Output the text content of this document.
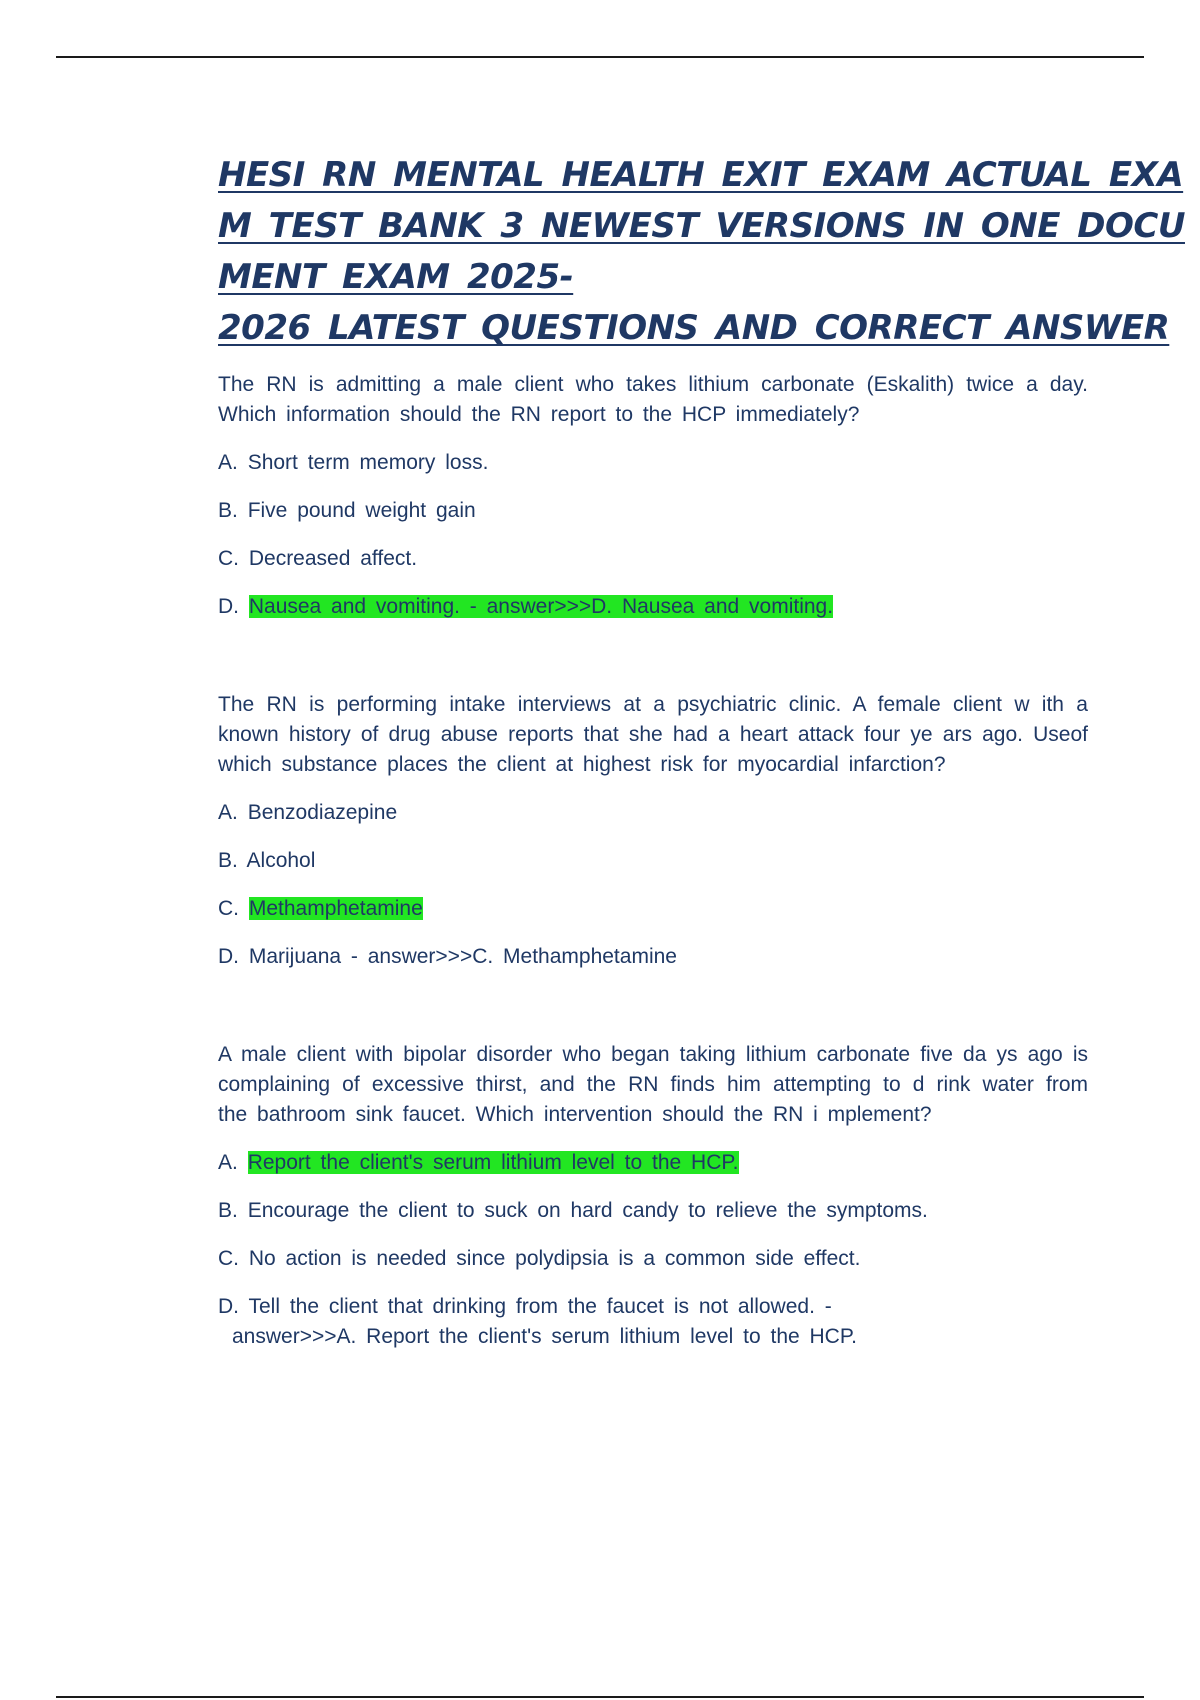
HESI RN MENTAL HEALTH EXIT EXAM ACTUAL EXA
M TEST BANK 3 NEWEST VERSIONS IN ONE DOCU
MENT EXAM 2025-
2026 LATEST QUESTIONS AND CORRECT ANSWER

The RN is admitting a male client who takes lithium carbonate (Eskalith) twice a day. Which information should the RN report to the HCP immediately?

A. Short term memory loss.

B. Five pound weight gain

C. Decreased affect.

D. Nausea and vomiting. - answer>>>D. Nausea and vomiting.

The RN is performing intake interviews at a psychiatric clinic. A female client w ith a known history of drug abuse reports that she had a heart attack four ye ars ago. Useof which substance places the client at highest risk for myocardial infarction?

A. Benzodiazepine

B. Alcohol

C. Methamphetamine

D. Marijuana - answer>>>C. Methamphetamine

A male client with bipolar disorder who began taking lithium carbonate five da ys ago is complaining of excessive thirst, and the RN finds him attempting to d rink water from the bathroom sink faucet. Which intervention should the RN i mplement?

A. Report the client's serum lithium level to the HCP.

B. Encourage the client to suck on hard candy to relieve the symptoms.

C. No action is needed since polydipsia is a common side effect.

D. Tell the client that drinking from the faucet is not allowed. -
answer>>>A. Report the client's serum lithium level to the HCP.
